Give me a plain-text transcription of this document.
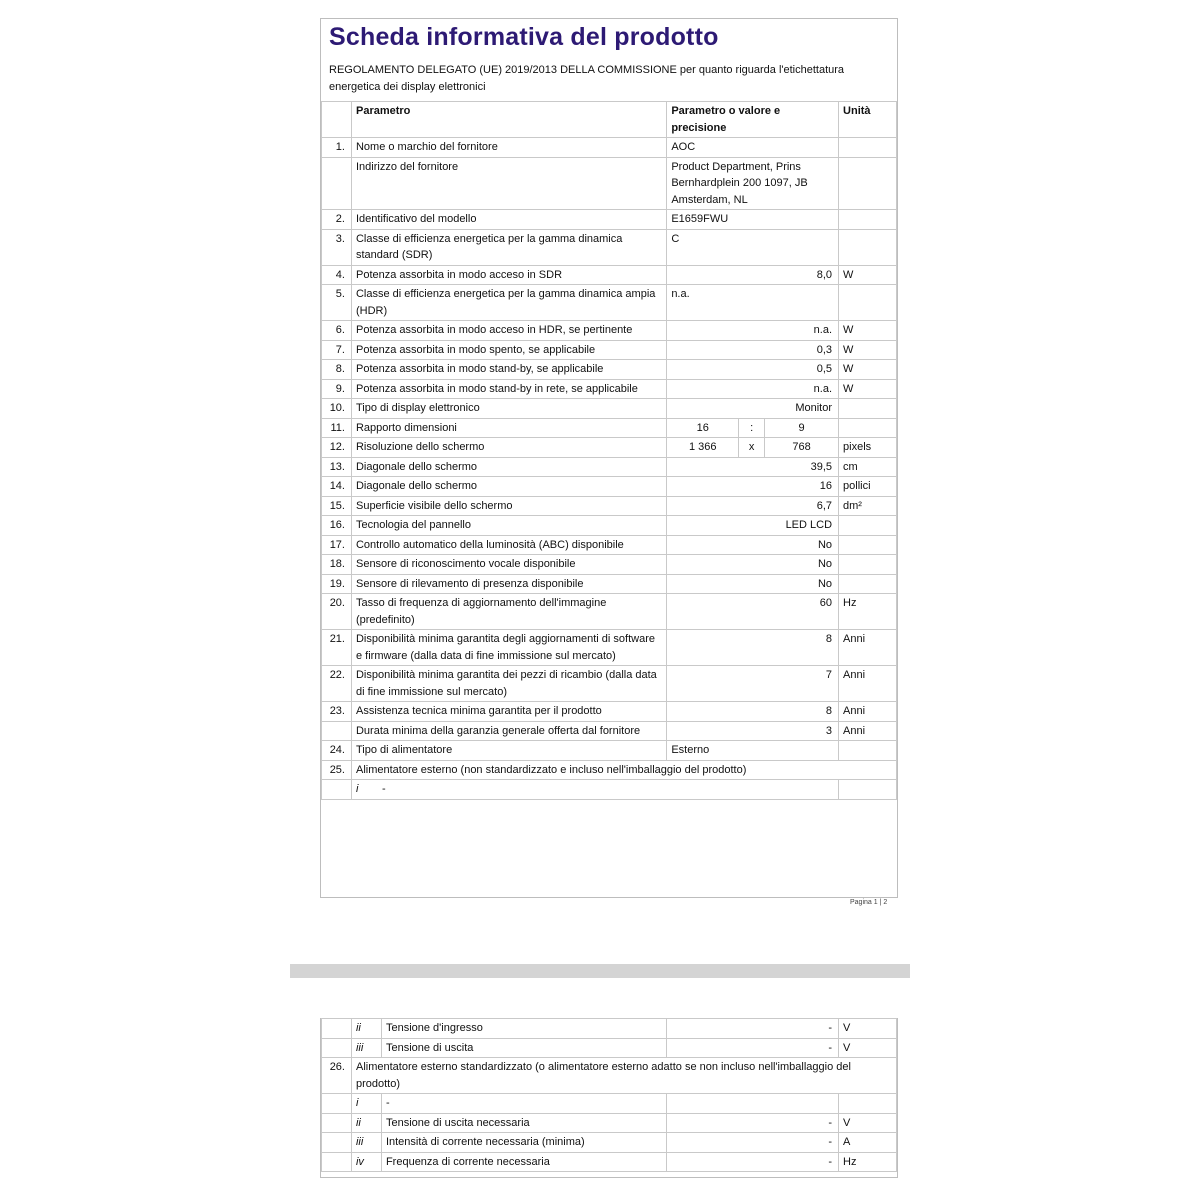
Scheda informativa del prodotto
REGOLAMENTO DELEGATO (UE) 2019/2013 DELLA COMMISSIONE per quanto riguarda l'etichettatura energetica dei display elettronici
	Parametro	Parametro o valore e precisione			Unità
1.	Nome o marchio del fornitore	AOC			
	Indirizzo del fornitore	Product Department, Prins Bernhardplein 200 1097, JB Amsterdam, NL			
2.	Identificativo del modello	E1659FWU			
3.	Classe di efficienza energetica per la gamma dinamica standard (SDR)	C			
4.	Potenza assorbita in modo acceso in SDR	8,0			W
5.	Classe di efficienza energetica per la gamma dinamica ampia (HDR)	n.a.			
6.	Potenza assorbita in modo acceso in HDR, se pertinente	n.a.			W
7.	Potenza assorbita in modo spento, se applicabile	0,3			W
8.	Potenza assorbita in modo stand-by, se applicabile	0,5			W
9.	Potenza assorbita in modo stand-by in rete, se applicabile	n.a.			W
10.	Tipo di display elettronico	Monitor			
11.	Rapporto dimensioni	16	:	9	
12.	Risoluzione dello schermo	1 366	x	768	pixels
13.	Diagonale dello schermo	39,5			cm
14.	Diagonale dello schermo	16			pollici
15.	Superficie visibile dello schermo	6,7			dm²
16.	Tecnologia del pannello	LED LCD			
17.	Controllo automatico della luminosità (ABC) disponibile	No			
18.	Sensore di riconoscimento vocale disponibile	No			
19.	Sensore di rilevamento di presenza disponibile	No			
20.	Tasso di frequenza di aggiornamento dell'immagine (predefinito)	60			Hz
21.	Disponibilità minima garantita degli aggiornamenti di software e firmware (dalla data di fine immissione sul mercato)	8			Anni
22.	Disponibilità minima garantita dei pezzi di ricambio (dalla data di fine immissione sul mercato)	7			Anni
23.	Assistenza tecnica minima garantita per il prodotto	8			Anni
	Durata minima della garanzia generale offerta dal fornitore	3			Anni
24.	Tipo di alimentatore	Esterno			
25.	Alimentatore esterno (non standardizzato e incluso nell'imballaggio del prodotto)				
	i -				
Pagina 1 | 2
	ii	Tensione d'ingresso	-	V
	iii	Tensione di uscita	-	V
26.	Alimentatore esterno standardizzato (o alimentatore esterno adatto se non incluso nell'imballaggio del prodotto)			
	i	-		
	ii	Tensione di uscita necessaria	-	V
	iii	Intensità di corrente necessaria (minima)	-	A
	iv	Frequenza di corrente necessaria	-	Hz
